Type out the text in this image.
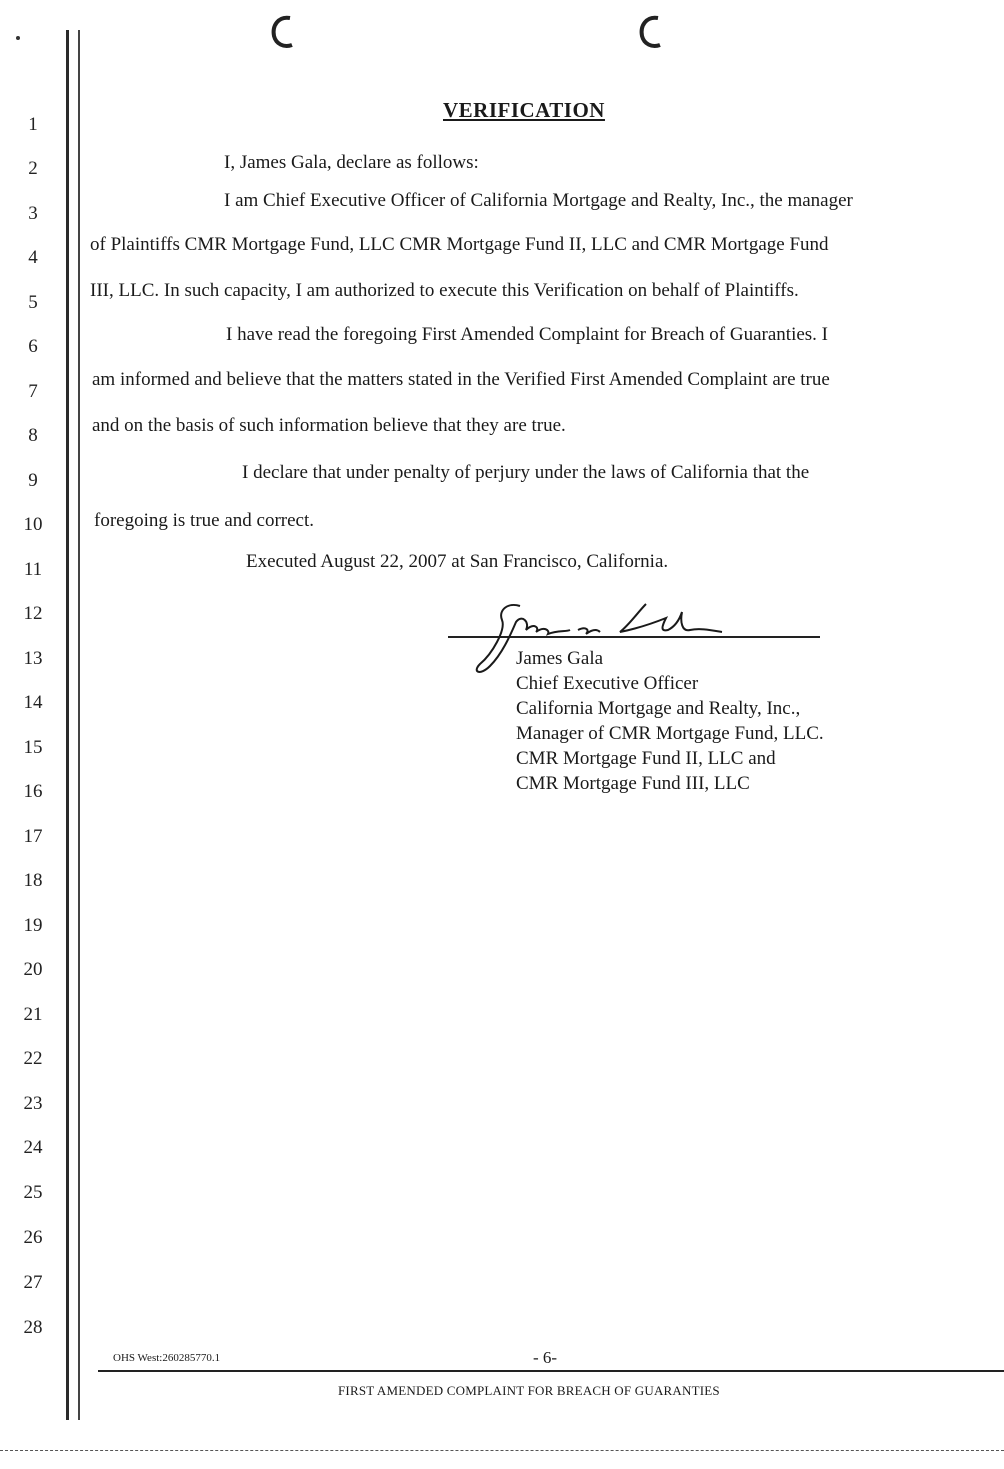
1
2
3
4
5
6
7
8
9
10
11
12
13
14
15
16
17
18
19
20
21
22
23
24
25
26
27
28
VERIFICATION
I, James Gala, declare as follows:
I am Chief Executive Officer of California Mortgage and Realty, Inc., the manager
of Plaintiffs CMR Mortgage Fund, LLC CMR Mortgage Fund II, LLC and CMR Mortgage Fund
III, LLC. In such capacity, I am authorized to execute this Verification on behalf of Plaintiffs.
I have read the foregoing First Amended Complaint for Breach of Guaranties. I
am informed and believe that the matters stated in the Verified First Amended Complaint are true
and on the basis of such information believe that they are true.
I declare that under penalty of perjury under the laws of California that the
foregoing is true and correct.
Executed August 22, 2007 at San Francisco, California.
James Gala
Chief Executive Officer
California Mortgage and Realty, Inc.,
Manager of CMR Mortgage Fund, LLC.
CMR Mortgage Fund II, LLC and
CMR Mortgage Fund III, LLC
OHS West:260285770.1	- 6-
FIRST AMENDED COMPLAINT FOR BREACH OF GUARANTIES
